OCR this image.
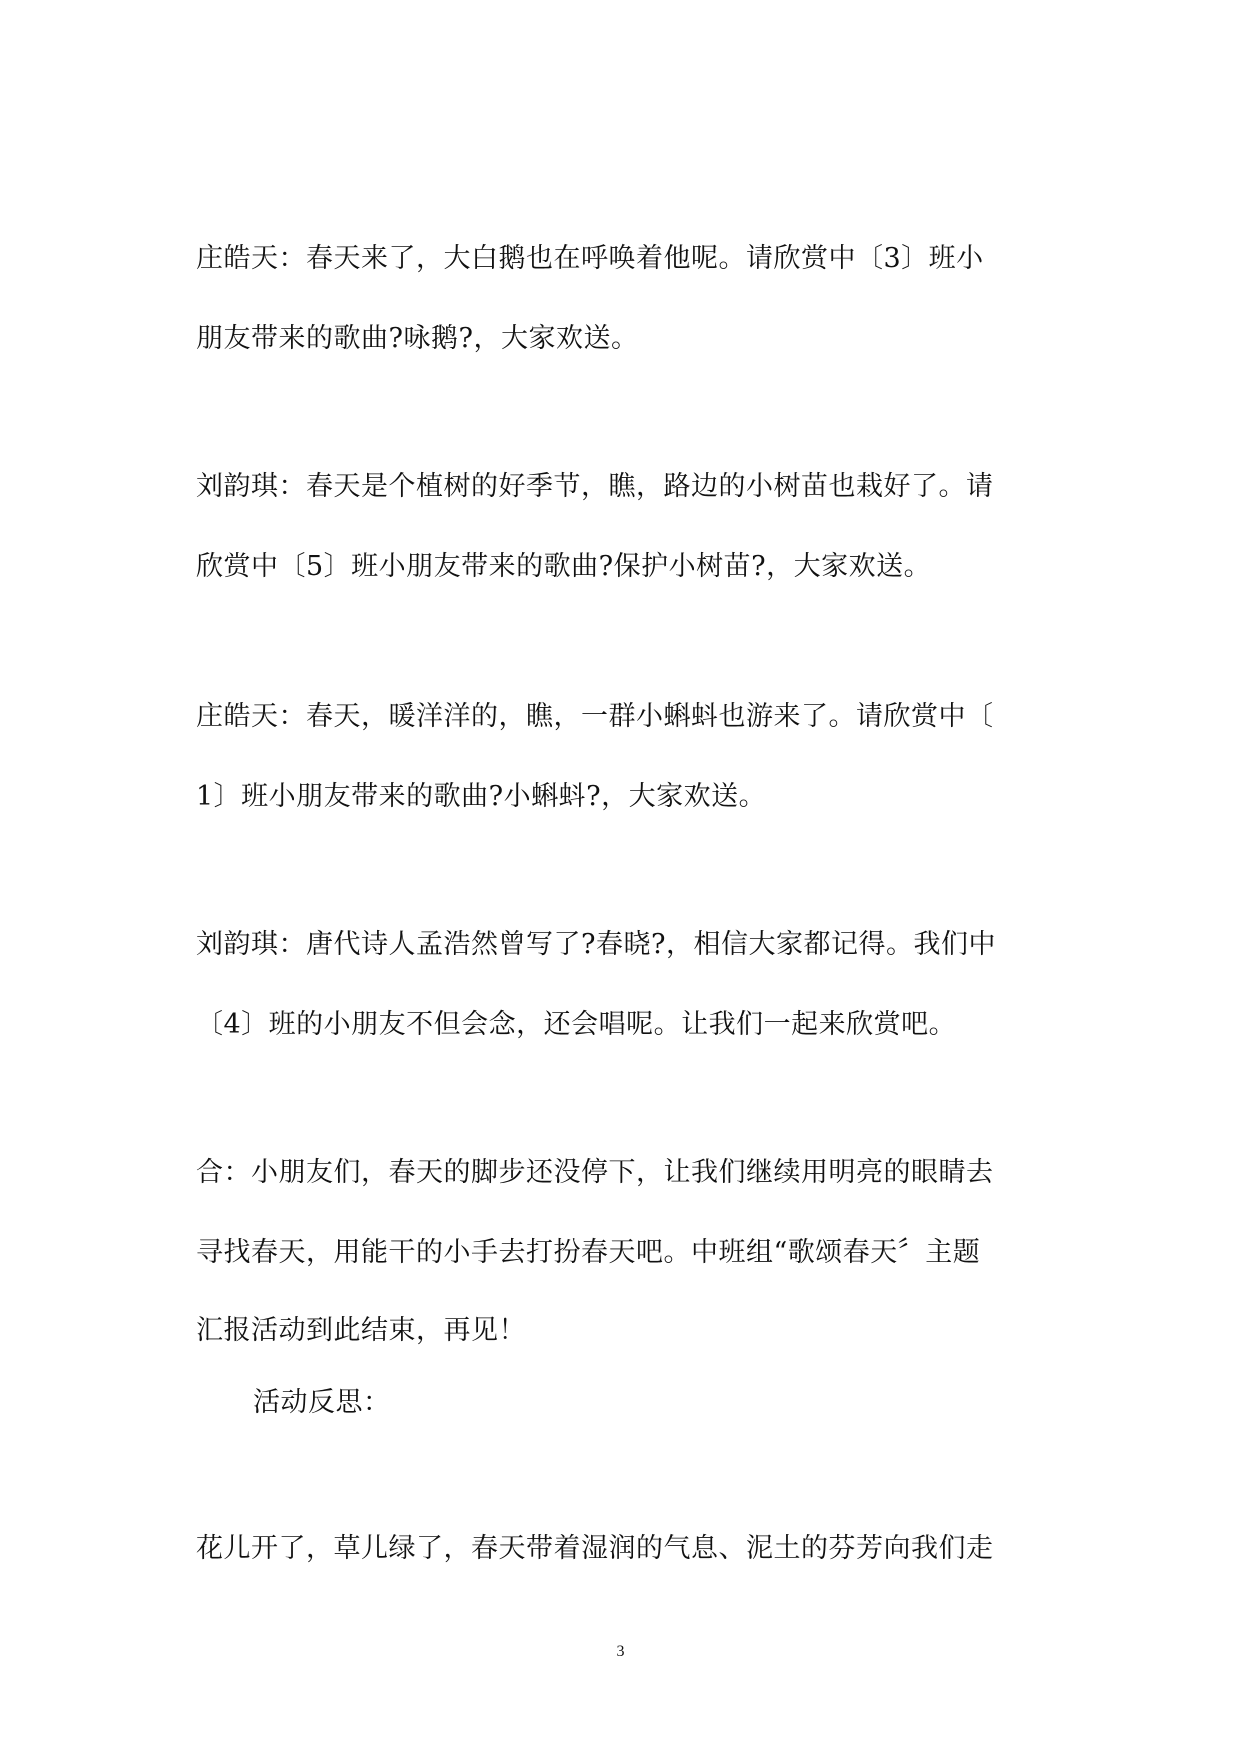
庄皓天：春天来了，大白鹅也在呼唤着他呢。请欣赏中〔3〕班小
朋友带来的歌曲?咏鹅?，大家欢送。
刘韵琪：春天是个植树的好季节，瞧，路边的小树苗也栽好了。请
欣赏中〔5〕班小朋友带来的歌曲?保护小树苗?，大家欢送。
庄皓天：春天，暖洋洋的，瞧，一群小蝌蚪也游来了。请欣赏中〔
1〕班小朋友带来的歌曲?小蝌蚪?，大家欢送。
刘韵琪：唐代诗人孟浩然曾写了?春晓?，相信大家都记得。我们中
〔4〕班的小朋友不但会念，还会唱呢。让我们一起来欣赏吧。
合：小朋友们，春天的脚步还没停下，让我们继续用明亮的眼睛去
寻找春天，用能干的小手去打扮春天吧。中班组“歌颂春天〞主题
汇报活动到此结束，再见！
活动反思：
花儿开了，草儿绿了，春天带着湿润的气息、泥土的芬芳向我们走
3
